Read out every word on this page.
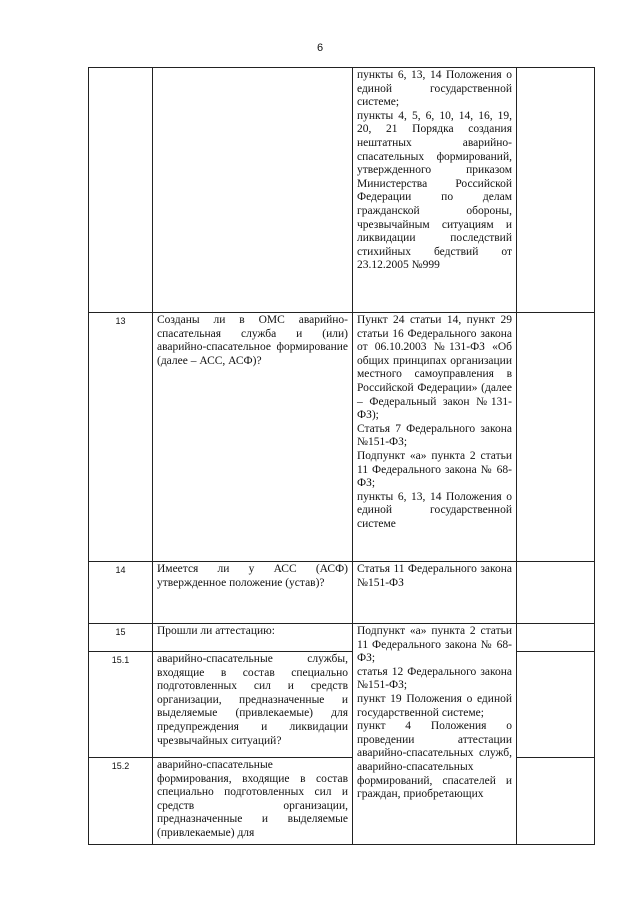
6

		пункты 6, 13, 14 Положения о единой государственной системе;
пункты 4, 5, 6, 10, 14, 16, 19, 20, 21 Порядка создания нештатных аварийно-спасательных формирований, утвержденного приказом Министерства Российской Федерации по делам гражданской обороны, чрезвычайным ситуациям и ликвидации последствий стихийных бедствий от 23.12.2005 №999	

13	Созданы ли в ОМС аварийно-спасательная служба и (или) аварийно-спасательное формирование (далее – АСС, АСФ)?	Пункт 24 статьи 14, пункт 29 статьи 16 Федерального закона от 06.10.2003 №131-ФЗ «Об общих принципах организации местного самоуправления в Российской Федерации» (далее – Федеральный закон №131-ФЗ);
Статья 7 Федерального закона №151-ФЗ;
Подпункт «а» пункта 2 статьи 11 Федерального закона № 68-ФЗ;
пункты 6, 13, 14 Положения о единой государственной системе	

14	Имеется ли у АСС (АСФ) утвержденное положение (устав)?	Статья 11 Федерального закона №151-ФЗ	

15	Прошли ли аттестацию:	Подпункт «а» пункта 2 статьи 11 Федерального закона № 68-ФЗ;
статья 12 Федерального закона №151-ФЗ;
пункт 19 Положения о единой государственной системе;
пункт 4 Положения о проведении аттестации аварийно-спасательных служб, аварийно-спасательных формирований, спасателей и граждан, приобретающих	

15.1	аварийно-спасательные службы, входящие в состав специально подготовленных сил и средств организации, предназначенные и выделяемые (привлекаемые) для предупреждения и ликвидации чрезвычайных ситуаций?		
15.2	аварийно-спасательные формирования, входящие в состав специально подготовленных сил и средств организации, предназначенные и выделяемые (привлекаемые) для		
